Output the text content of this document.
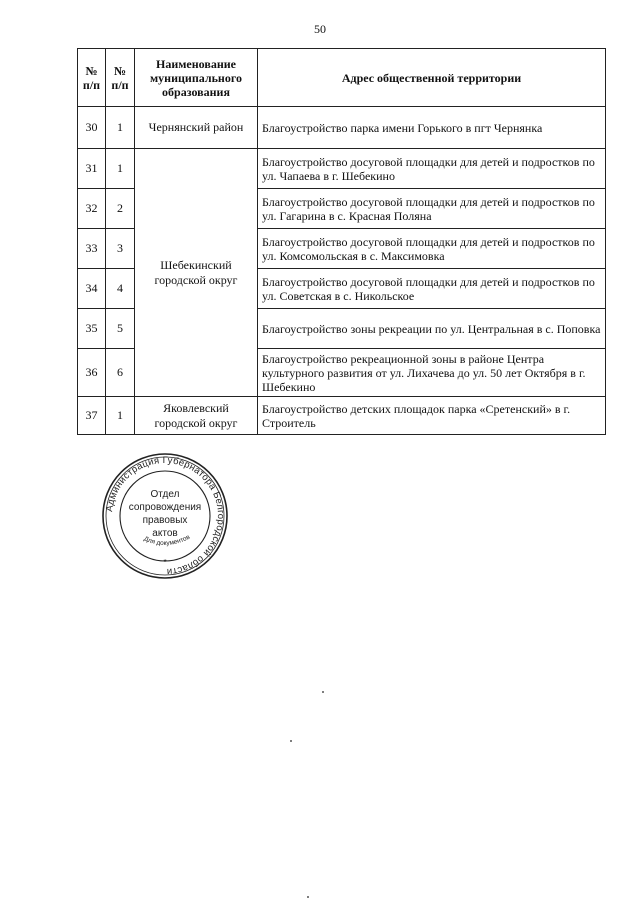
50
№ п/п	№ п/п	Наименование муниципального образования	Адрес общественной территории
30	1	Чернянский район	Благоустройство парка имени Горького в пгт Чернянка
31	1	Шебекинский городской округ	Благоустройство досуговой площадки для детей и подростков по ул. Чапаева в г. Шебекино
32	2		Благоустройство досуговой площадки для детей и подростков по ул. Гагарина в с. Красная Поляна
33	3		Благоустройство досуговой площадки для детей и подростков по ул. Комсомольская в с. Максимовка
34	4		Благоустройство досуговой площадки для детей и подростков по ул. Советская в с. Никольское
35	5		Благоустройство зоны рекреации по ул. Центральная в с. Поповка
36	6		Благоустройство рекреационной зоны в районе Центра культурного развития от ул. Лихачева до ул. 50 лет Октября в г. Шебекино
37	1	Яковлевский городской округ	Благоустройство детских площадок парка «Сретенский» в г. Строитель
Администрация Губернатора Белгородской области
Отдел
сопровождения
правовых
актов
Для документов
*
